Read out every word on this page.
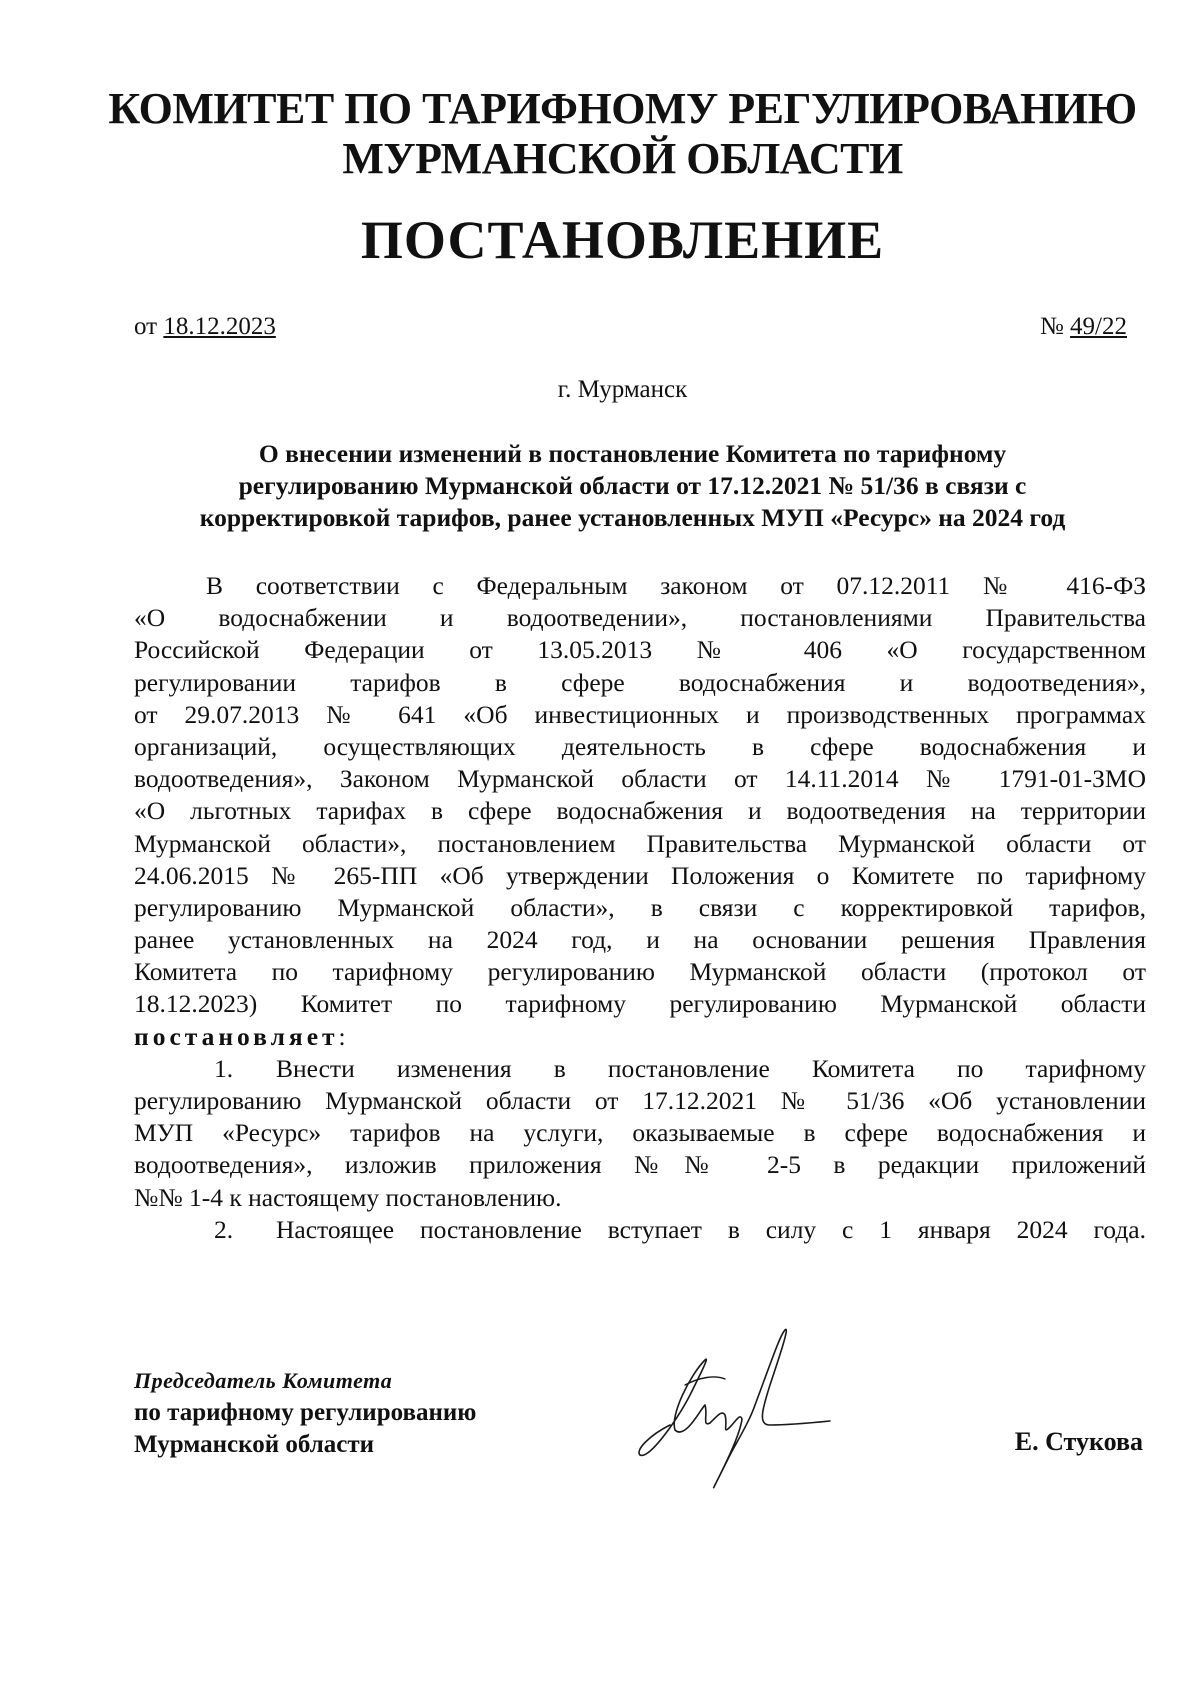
КОМИТЕТ ПО ТАРИФНОМУ РЕГУЛИРОВАНИЮ
МУРМАНСКОЙ ОБЛАСТИ
ПОСТАНОВЛЕНИЕ
от 18.12.2023	№ 49/22
г. Мурманск
О внесении изменений в постановление Комитета по тарифному
регулированию Мурманской области от 17.12.2021 № 51/36 в связи с
корректировкой тарифов, ранее установленных МУП «Ресурс» на 2024 год
В соответствии с Федеральным законом от 07.12.2011 № 416-ФЗ
«О водоснабжении и водоотведении», постановлениями Правительства
Российской Федерации от 13.05.2013 № 406 «О государственном
регулировании тарифов в сфере водоснабжения и водоотведения»,
от 29.07.2013 № 641 «Об инвестиционных и производственных программах
организаций, осуществляющих деятельность в сфере водоснабжения и
водоотведения», Законом Мурманской области от 14.11.2014 № 1791-01-ЗМО
«О льготных тарифах в сфере водоснабжения и водоотведения на территории
Мурманской области», постановлением Правительства Мурманской области от
24.06.2015 № 265-ПП «Об утверждении Положения о Комитете по тарифному
регулированию Мурманской области», в связи с корректировкой тарифов,
ранее установленных на 2024 год, и на основании решения Правления
Комитета по тарифному регулированию Мурманской области (протокол от
18.12.2023) Комитет по тарифному регулированию Мурманской области
постановляет:
1. Внести изменения в постановление Комитета по тарифному
регулированию Мурманской области от 17.12.2021 № 51/36 «Об установлении
МУП «Ресурс» тарифов на услуги, оказываемые в сфере водоснабжения и
водоотведения», изложив приложения №№ 2-5 в редакции приложений
№№ 1-4 к настоящему постановлению.
2. Настоящее постановление вступает в силу с 1 января 2024 года.
Председатель Комитета
по тарифному регулированию
Мурманской области	Е. Стукова
